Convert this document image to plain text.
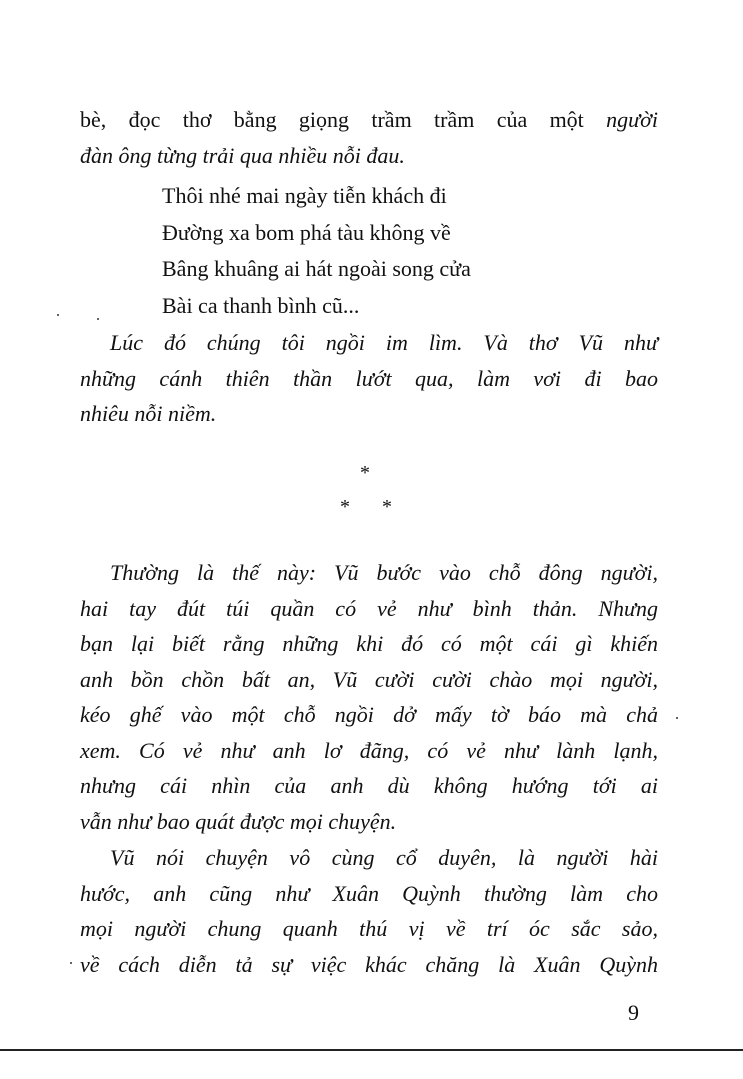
bè, đọc thơ bằng giọng trầm trầm của một người
đàn ông từng trải qua nhiều nỗi đau.
Thôi nhé mai ngày tiễn khách đi
Đường xa bom phá tàu không về
Bâng khuâng ai hát ngoài song cửa
Bài ca thanh bình cũ...
Lúc đó chúng tôi ngồi im lìm. Và thơ Vũ như
những cánh thiên thần lướt qua, làm vơi đi bao
nhiêu nỗi niềm.
*
* *
Thường là thế này: Vũ bước vào chỗ đông người,
hai tay đút túi quần có vẻ như bình thản. Nhưng
bạn lại biết rằng những khi đó có một cái gì khiến
anh bồn chồn bất an, Vũ cười cười chào mọi người,
kéo ghế vào một chỗ ngồi dở mấy tờ báo mà chả
xem. Có vẻ như anh lơ đãng, có vẻ như lành lạnh,
nhưng cái nhìn của anh dù không hướng tới ai
vẫn như bao quát được mọi chuyện.
Vũ nói chuyện vô cùng cổ duyên, là người hài
hước, anh cũng như Xuân Quỳnh thường làm cho
mọi người chung quanh thú vị về trí óc sắc sảo,
về cách diễn tả sự việc khác chăng là Xuân Quỳnh
9
